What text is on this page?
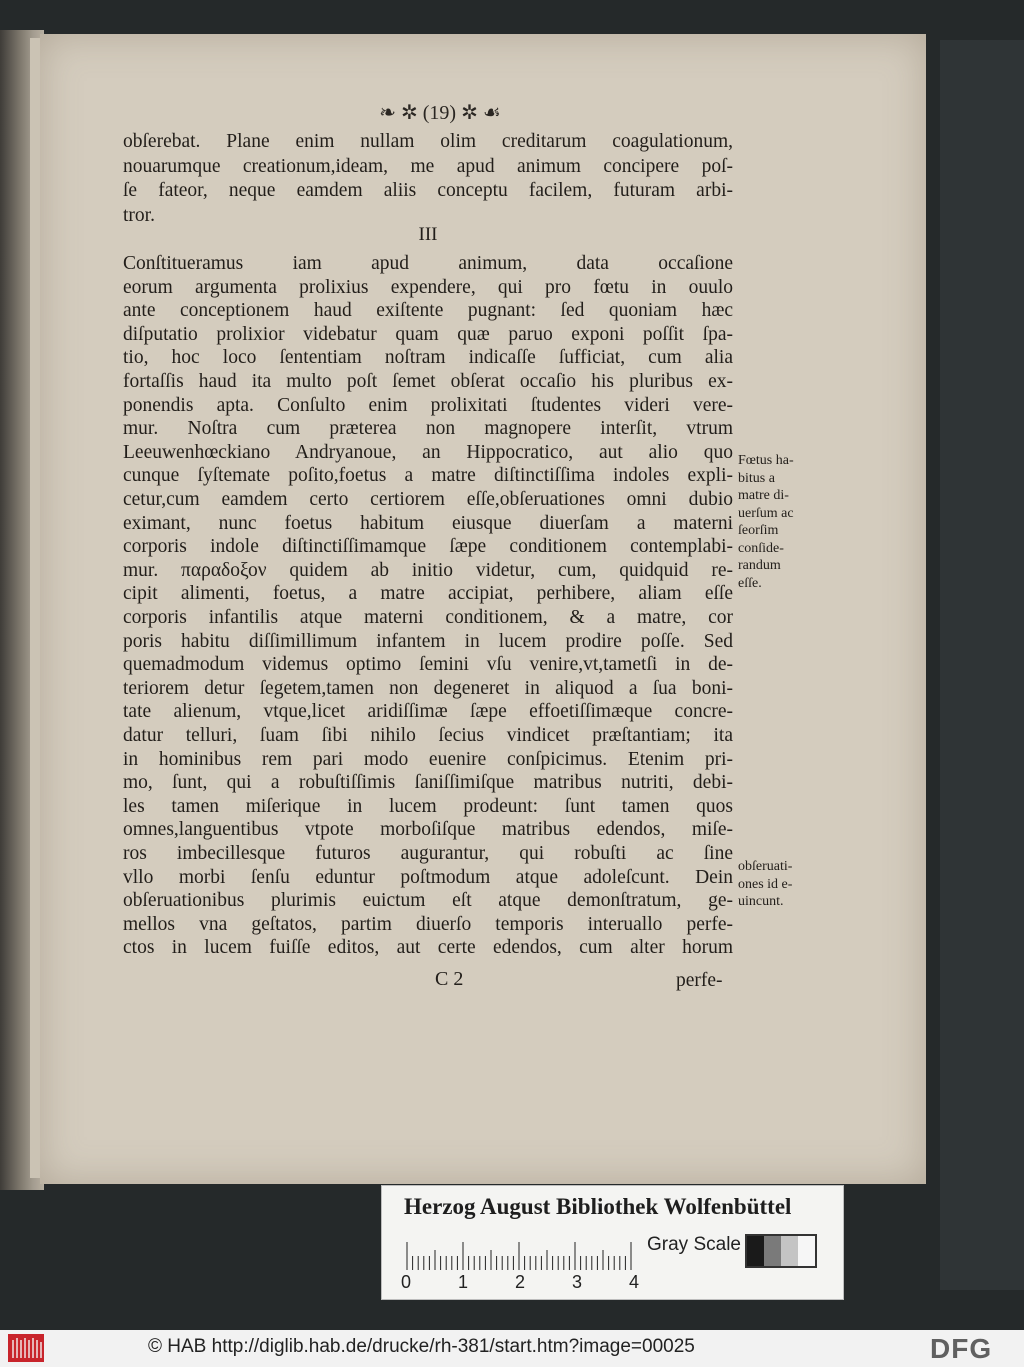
❧ ✲ (19) ✲ ☙
obſerebat. Plane enim nullam olim creditarum coagulationum,
nouarumque creationum,ideam, me apud animum concipere poſ-
ſe fateor, neque eamdem aliis conceptu facilem, futuram arbi-
tror.
III
Conſtitueramus iam apud animum, data occaſione
eorum argumenta prolixius expendere, qui pro fœtu in ouulo
ante conceptionem haud exiſtente pugnant: ſed quoniam hæc
diſputatio prolixior videbatur quam quæ paruo exponi poſſit ſpa-
tio, hoc loco ſententiam noſtram indicaſſe ſufficiat, cum alia
fortaſſis haud ita multo poſt ſemet obſerat occaſio his pluribus ex-
ponendis apta. Conſulto enim prolixitati ſtudentes videri vere-
mur. Noſtra cum præterea non magnopere interſit, vtrum
Leeuwenhœckiano Andryanoue, an Hippocratico, aut alio quo
cunque ſyſtemate poſito,foetus a matre diſtinctiſſima indoles expli-
cetur,cum eamdem certo certiorem eſſe,obſeruationes omni dubio
eximant, nunc foetus habitum eiusque diuerſam a materni
corporis indole diſtinctiſſimamque ſæpe conditionem contemplabi-
mur. παραδοξον quidem ab initio videtur, cum, quidquid re-
cipit alimenti, foetus, a matre accipiat, perhibere, aliam eſſe
corporis infantilis atque materni conditionem, & a matre, cor
poris habitu diſſimillimum infantem in lucem prodire poſſe. Sed
quemadmodum videmus optimo ſemini vſu venire,vt,tametſi in de-
teriorem detur ſegetem,tamen non degeneret in aliquod a ſua boni-
tate alienum, vtque,licet aridiſſimæ ſæpe effoetiſſimæque concre-
datur telluri, ſuam ſibi nihilo ſecius vindicet præſtantiam; ita
in hominibus rem pari modo euenire conſpicimus. Etenim pri-
mo, ſunt, qui a robuſtiſſimis ſaniſſimiſque matribus nutriti, debi-
les tamen miſerique in lucem prodeunt: ſunt tamen quos
omnes,languentibus vtpote morboſiſque matribus edendos, miſe-
ros imbecillesque futuros augurantur, qui robuſti ac ſine
vllo morbi ſenſu eduntur poſtmodum atque adoleſcunt. Dein
obſeruationibus plurimis euictum eſt atque demonſtratum, ge-
mellos vna geſtatos, partim diuerſo temporis interuallo perfe-
ctos in lucem fuiſſe editos, aut certe edendos, cum alter horum
C 2	perfe-
Fœtus ha-
bitus a
matre di-
uerſum ac
ſeorſim
conſide-
randum
eſſe.
obſeruati-
ones id e-
uincunt.
Herzog August Bibliothek Wolfenbüttel
0	1	2	3	4
Gray Scale
© HAB http://diglib.hab.de/drucke/rh-381/start.htm?image=00025	DFG
